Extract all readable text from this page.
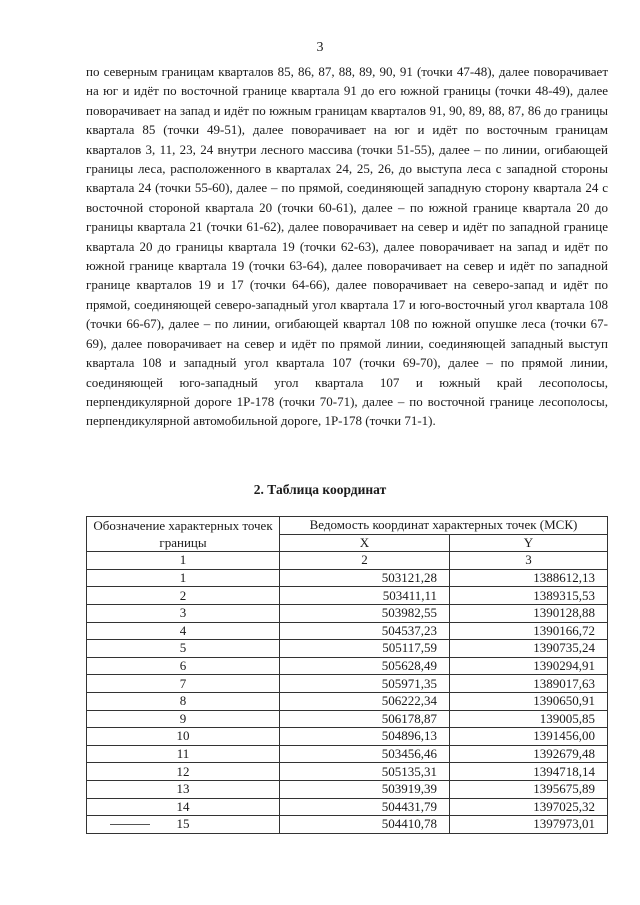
3

по северным границам кварталов 85, 86, 87, 88, 89, 90, 91 (точки 47-48), далее поворачивает на юг и идёт по восточной границе квартала 91 до его южной границы (точки 48-49), далее поворачивает на запад и идёт по южным границам кварталов 91, 90, 89, 88, 87, 86 до границы квартала 85 (точки 49-51), далее поворачивает на юг и идёт по восточным границам кварталов 3, 11, 23, 24 внутри лесного массива (точки 51-55), далее – по линии, огибающей границы леса, расположенного в кварталах 24, 25, 26, до выступа леса с западной стороны квартала 24 (точки 55-60), далее – по прямой, соединяющей западную сторону квартала 24 с восточной стороной квартала 20 (точки 60-61), далее – по южной границе квартала 20 до границы квартала 21 (точки 61-62), далее поворачивает на север и идёт по западной границе квартала 20 до границы квартала 19 (точки 62-63), далее поворачивает на запад и идёт по южной границе квартала 19 (точки 63-64), далее поворачивает на север и идёт по западной границе кварталов 19 и 17 (точки 64-66), далее поворачивает на северо-запад и идёт по прямой, соединяющей северо-западный угол квартала 17 и юго-восточный угол квартала 108 (точки 66-67), далее – по линии, огибающей квартал 108 по южной опушке леса (точки 67-69), далее поворачивает на север и идёт по прямой линии, соединяющей западный выступ квартала 108 и западный угол квартала 107 (точки 69-70), далее – по прямой линии, соединяющей юго-западный угол квартала 107 и южный край лесополосы, перпендикулярной дороге 1Р-178 (точки 70-71), далее – по восточной границе лесополосы, перпендикулярной автомобильной дороге, 1Р-178 (точки 71-1).

2. Таблица координат
Обозначение характерных точек границы	Ведомость координат характерных точек (МСК)	
	X	Y
1	2	3
1	503121,28	1388612,13
2	503411,11	1389315,53
3	503982,55	1390128,88
4	504537,23	1390166,72
5	505117,59	1390735,24
6	505628,49	1390294,91
7	505971,35	1389017,63
8	506222,34	1390650,91
9	506178,87	139005,85
10	504896,13	1391456,00
11	503456,46	1392679,48
12	505135,31	1394718,14
13	503919,39	1395675,89
14	504431,79	1397025,32
15	504410,78	1397973,01
